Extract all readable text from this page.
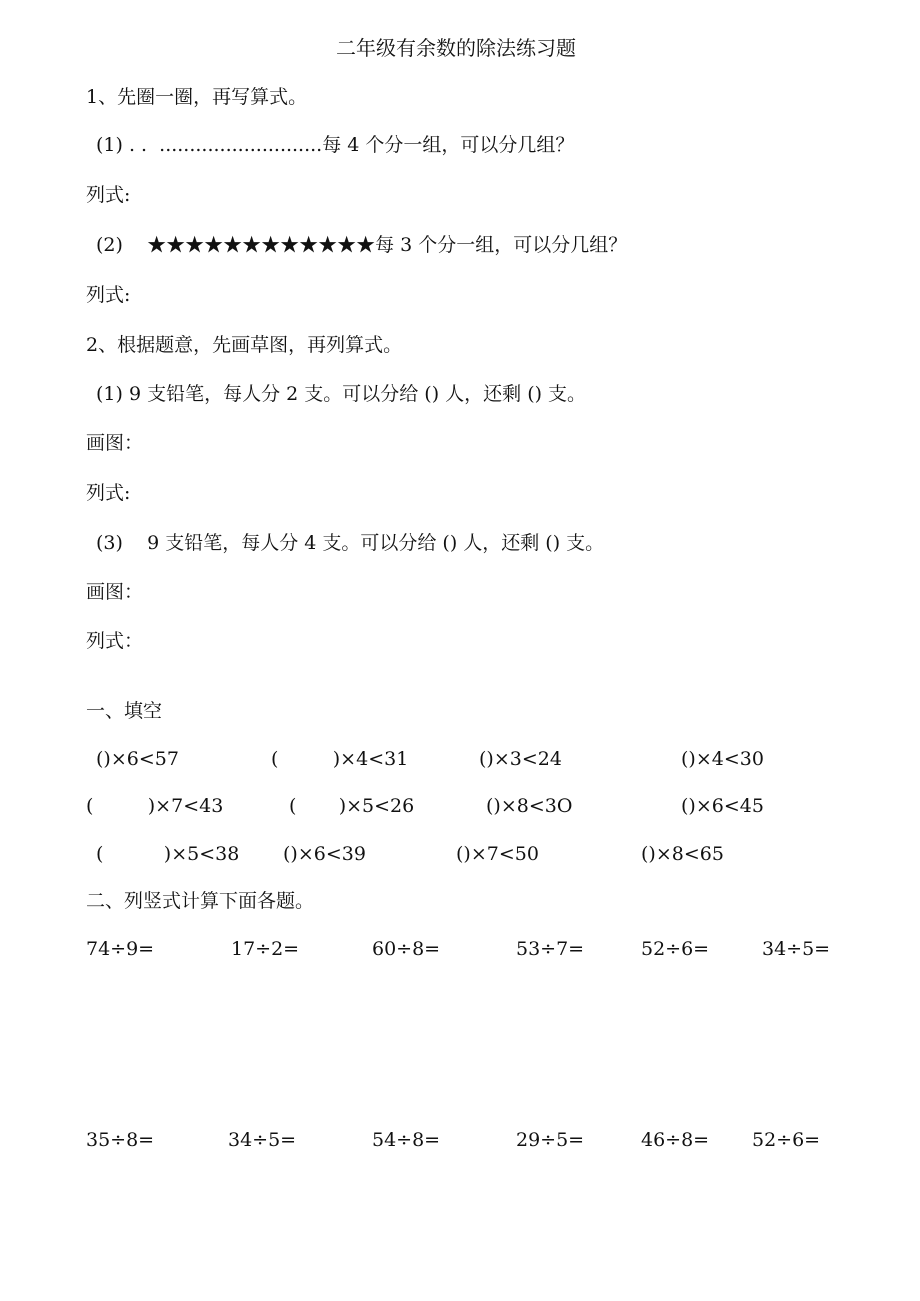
二年级有余数的除法练习题
1、先圈一圈，再写算式。
(1) . .  ...........................每 4 个分一组，可以分几组？
列式:
(2)    ★★★★★★★★★★★★每 3 个分一组，可以分几组？
列式:
2、根据题意，先画草图，再列算式。
(1) 9 支铅笔，每人分 2 支。可以分给 () 人，还剩 () 支。
画图：
列式:
(3)    9 支铅笔，每人分 4 支。可以分给 () 人，还剩 () 支。
画图：
列式：
一、填空
()×6<57	(         )×4<31	()×3<24	()×4<30
(         )×7<43	(       )×5<26	()×8<3O	()×6<45
(          )×5<38 ()×6<39	()×7<50	()×8<65
二、列竖式计算下面各题。
74÷9=	17÷2=	60÷8=	53÷7=	52÷6=	34÷5=
35÷8=	34÷5=	54÷8=	29÷5=	46÷8= 52÷6=
